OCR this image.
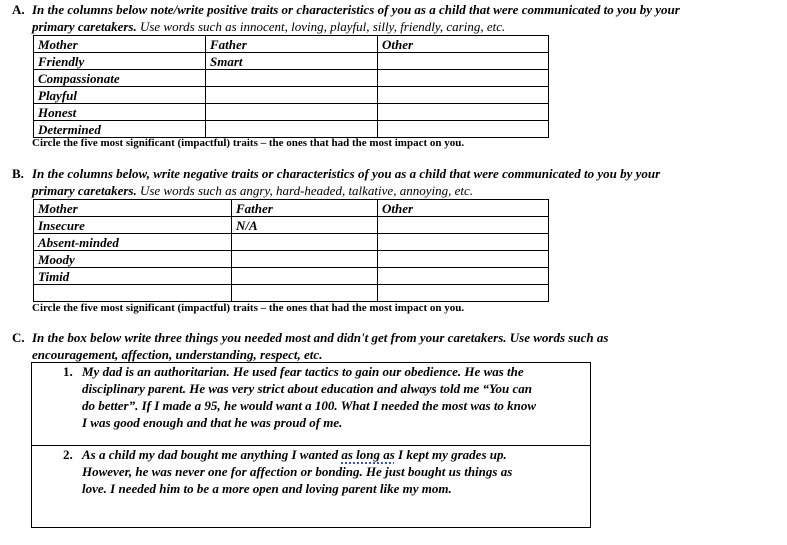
A. In the columns below note/write positive traits or characteristics of you as a child that were communicated to you by your
primary caretakers. Use words such as innocent, loving, playful, silly, friendly, caring, etc.
Mother	Father	Other
Friendly	Smart	
Compassionate		
Playful		
Honest		
Determined		
Circle the five most significant (impactful) traits – the ones that had the most impact on you.
B. In the columns below, write negative traits or characteristics of you as a child that were communicated to you by your
primary caretakers. Use words such as angry, hard-headed, talkative, annoying, etc.
Mother	Father	Other
Insecure	N/A	
Absent-minded		
Moody		
Timid		

Circle the five most significant (impactful) traits – the ones that had the most impact on you.
C. In the box below write three things you needed most and didn't get from your caretakers. Use words such as
encouragement, affection, understanding, respect, etc.
1. My dad is an authoritarian. He used fear tactics to gain our obedience. He was the
disciplinary parent. He was very strict about education and always told me “You can
do better”. If I made a 95, he would want a 100. What I needed the most was to know
I was good enough and that he was proud of me.
2. As a child my dad bought me anything I wanted as long as I kept my grades up.
However, he was never one for affection or bonding. He just bought us things as
love. I needed him to be a more open and loving parent like my mom.
